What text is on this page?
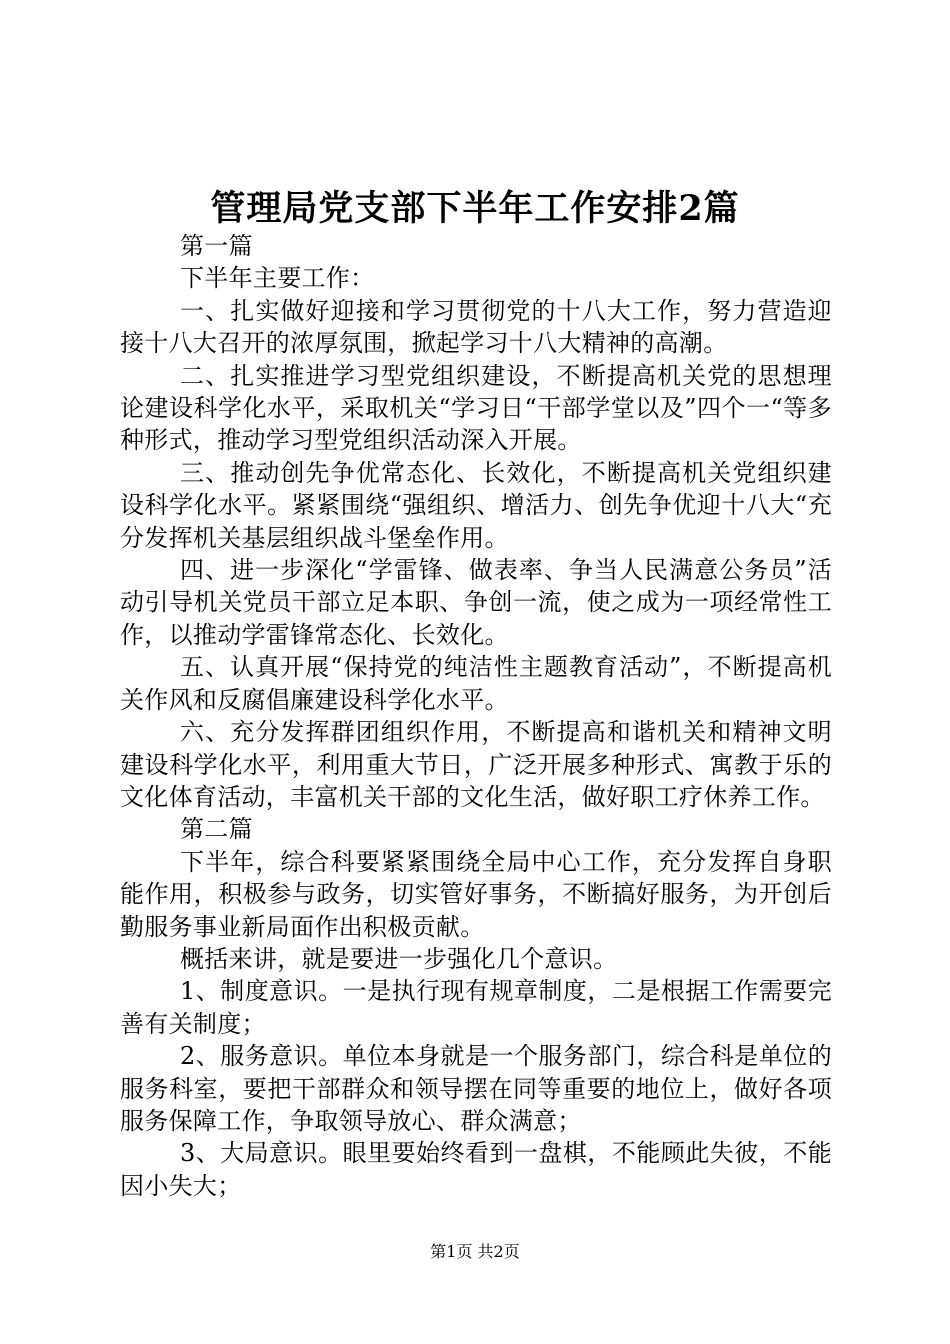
管理局党支部下半年工作安排2篇

第一篇

下半年主要工作：

一、扎实做好迎接和学习贯彻党的十八大工作，努力营造迎接十八大召开的浓厚氛围，掀起学习十八大精神的高潮。

二、扎实推进学习型党组织建设，不断提高机关党的思想理论建设科学化水平，采取机关“学习日“干部学堂以及”四个一“等多种形式，推动学习型党组织活动深入开展。

三、推动创先争优常态化、长效化，不断提高机关党组织建设科学化水平。紧紧围绕“强组织、增活力、创先争优迎十八大“充分发挥机关基层组织战斗堡垒作用。

四、进一步深化“学雷锋、做表率、争当人民满意公务员”活动引导机关党员干部立足本职、争创一流，使之成为一项经常性工作，以推动学雷锋常态化、长效化。

五、认真开展“保持党的纯洁性主题教育活动”，不断提高机关作风和反腐倡廉建设科学化水平。

六、充分发挥群团组织作用，不断提高和谐机关和精神文明建设科学化水平，利用重大节日，广泛开展多种形式、寓教于乐的文化体育活动，丰富机关干部的文化生活，做好职工疗休养工作。

第二篇

下半年，综合科要紧紧围绕全局中心工作，充分发挥自身职能作用，积极参与政务，切实管好事务，不断搞好服务，为开创后勤服务事业新局面作出积极贡献。

概括来讲，就是要进一步强化几个意识。

1、制度意识。一是执行现有规章制度，二是根据工作需要完善有关制度；

2、服务意识。单位本身就是一个服务部门，综合科是单位的服务科室，要把干部群众和领导摆在同等重要的地位上，做好各项服务保障工作，争取领导放心、群众满意；

3、大局意识。眼里要始终看到一盘棋，不能顾此失彼，不能因小失大；

第1页 共2页
